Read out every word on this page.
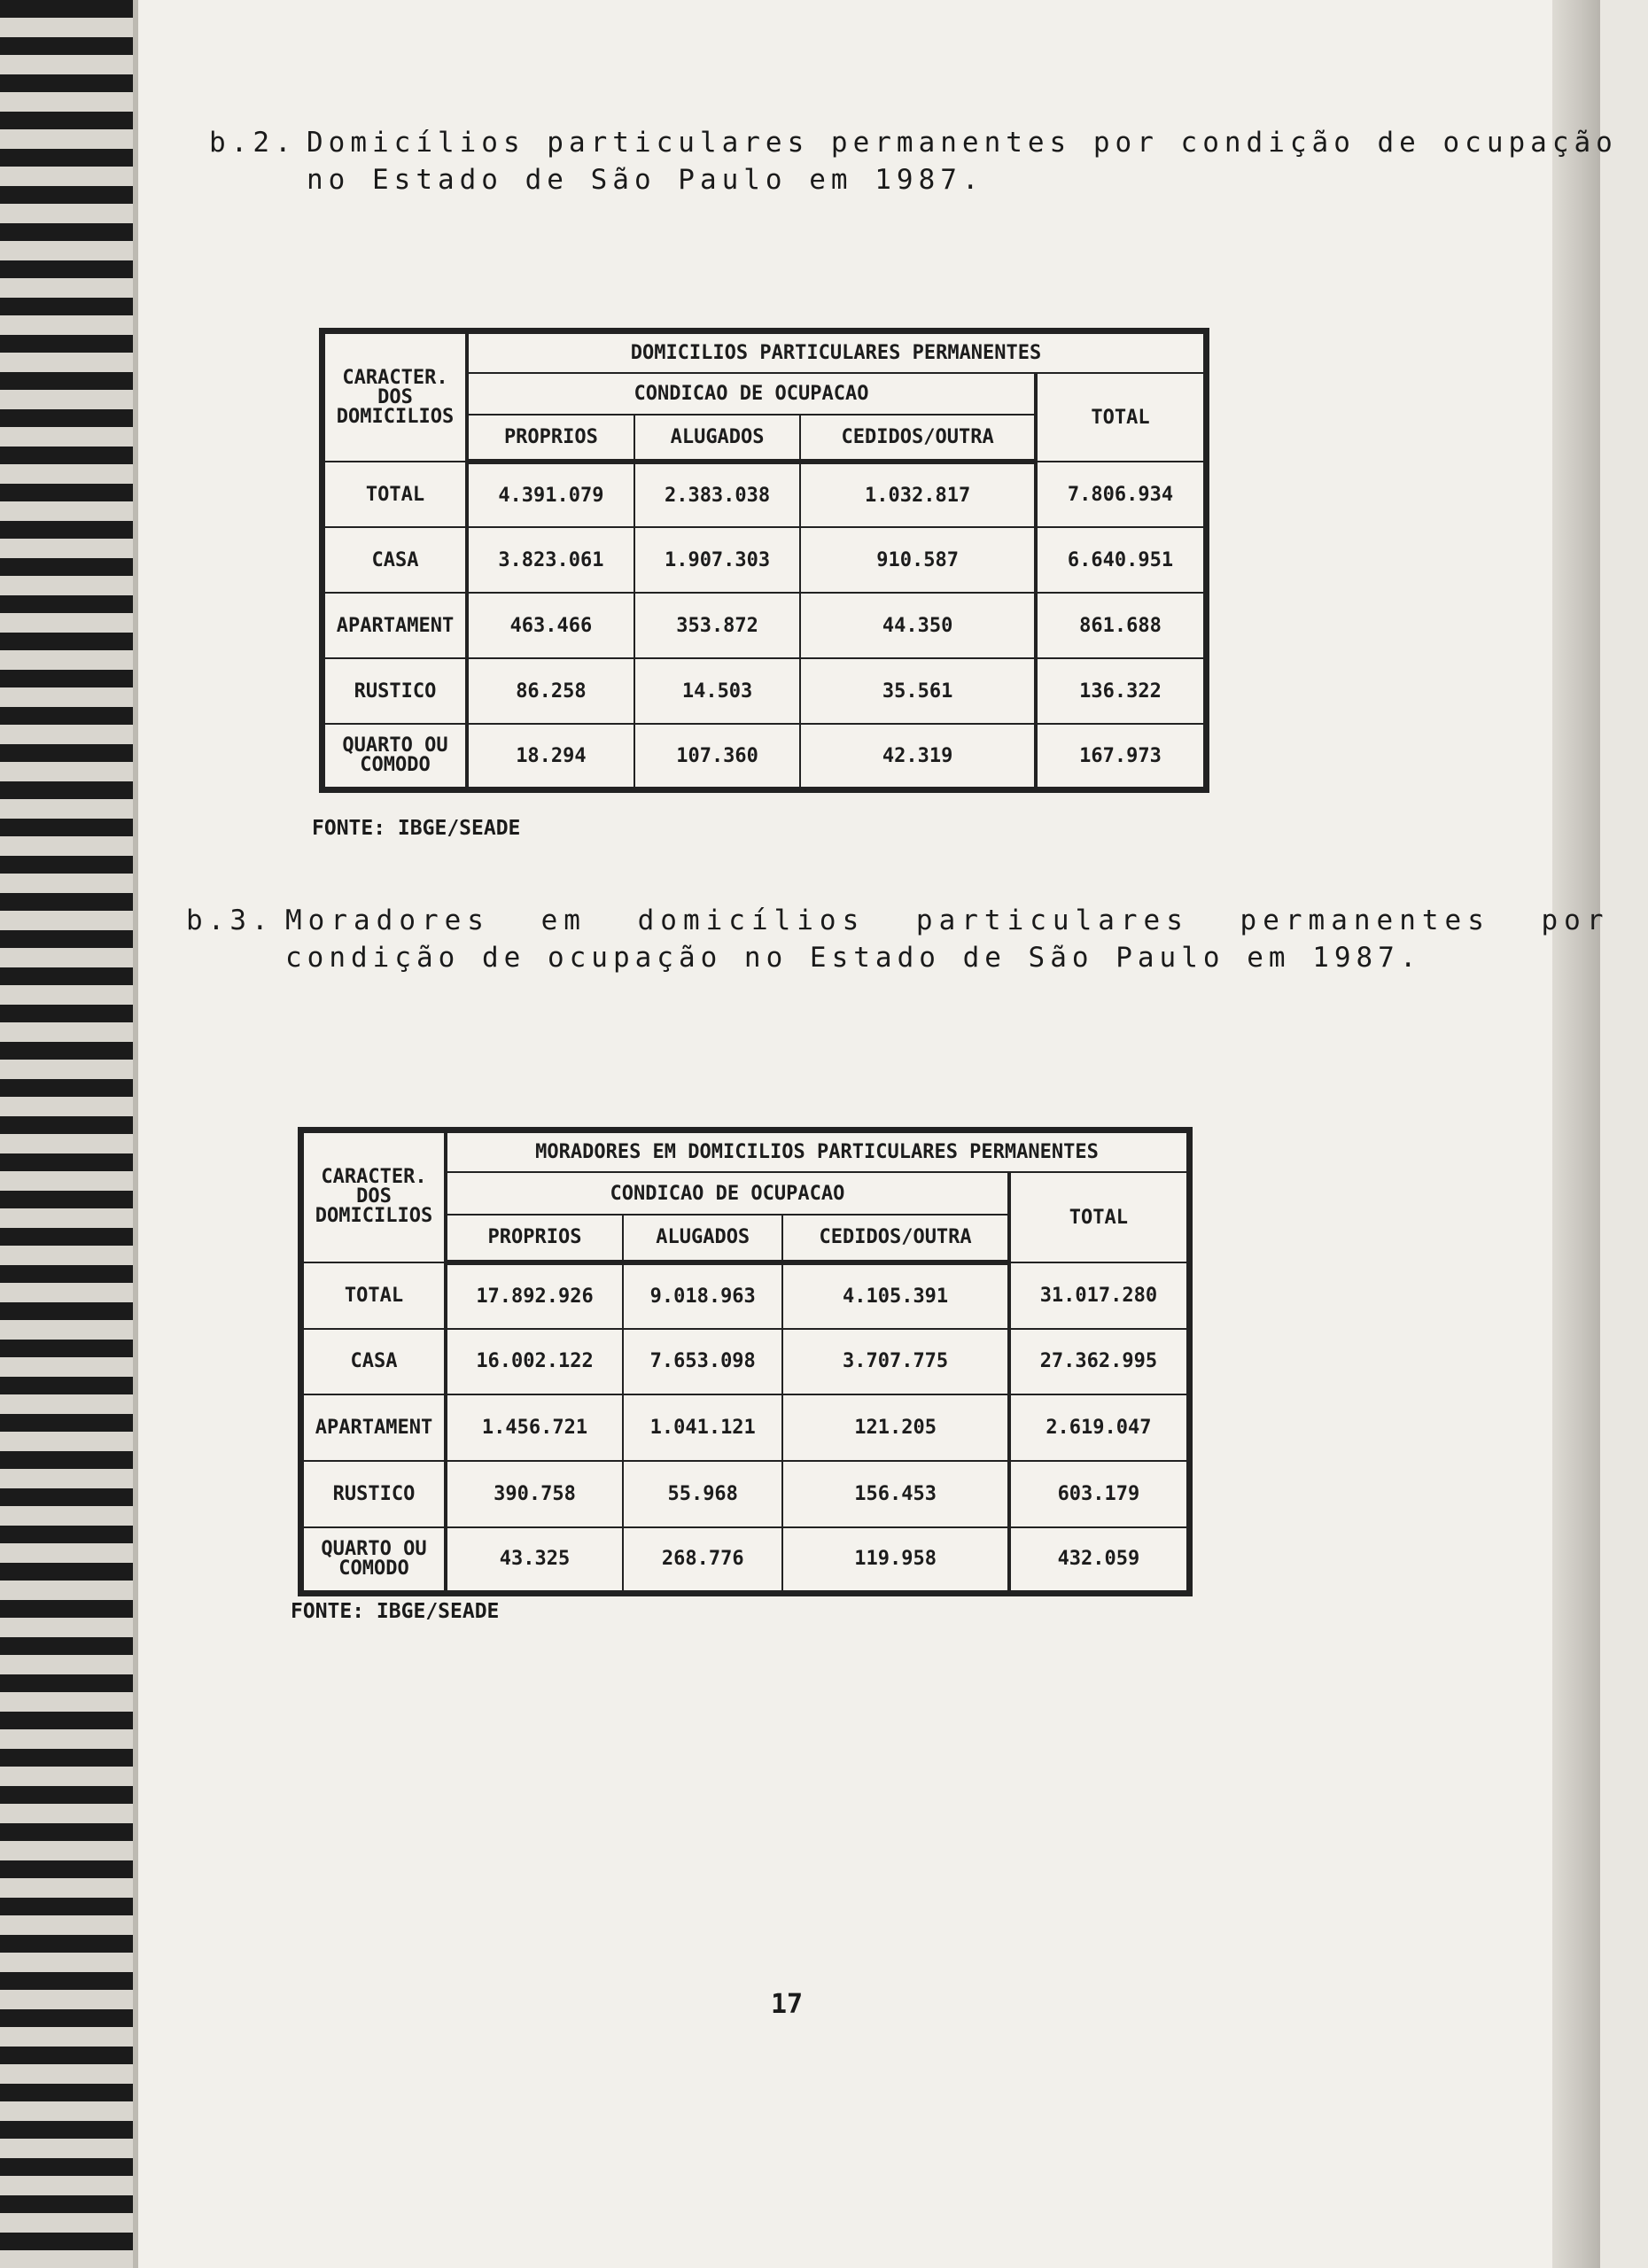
b.2. Domicílios particulares permanentes por condição de ocupação
no Estado de São Paulo em 1987.
CARACTER. DOS DOMICILIOS	DOMICILIOS PARTICULARES PERMANENTES			
	CONDICAO DE OCUPACAO			TOTAL
	PROPRIOS	ALUGADOS	CEDIDOS/OUTRA	
TOTAL	4.391.079	2.383.038	1.032.817	7.806.934
CASA	3.823.061	1.907.303	910.587	6.640.951
APARTAMENT	463.466	353.872	44.350	861.688
RUSTICO	86.258	14.503	35.561	136.322
QUARTO OU COMODO	18.294	107.360	42.319	167.973
FONTE: IBGE/SEADE
b.3. Moradores em domicílios particulares permanentes por
condição de ocupação no Estado de São Paulo em 1987.
CARACTER. DOS DOMICILIOS	MORADORES EM DOMICILIOS PARTICULARES PERMANENTES			
	CONDICAO DE OCUPACAO			TOTAL
	PROPRIOS	ALUGADOS	CEDIDOS/OUTRA	
TOTAL	17.892.926	9.018.963	4.105.391	31.017.280
CASA	16.002.122	7.653.098	3.707.775	27.362.995
APARTAMENT	1.456.721	1.041.121	121.205	2.619.047
RUSTICO	390.758	55.968	156.453	603.179
QUARTO OU COMODO	43.325	268.776	119.958	432.059
FONTE: IBGE/SEADE
17
